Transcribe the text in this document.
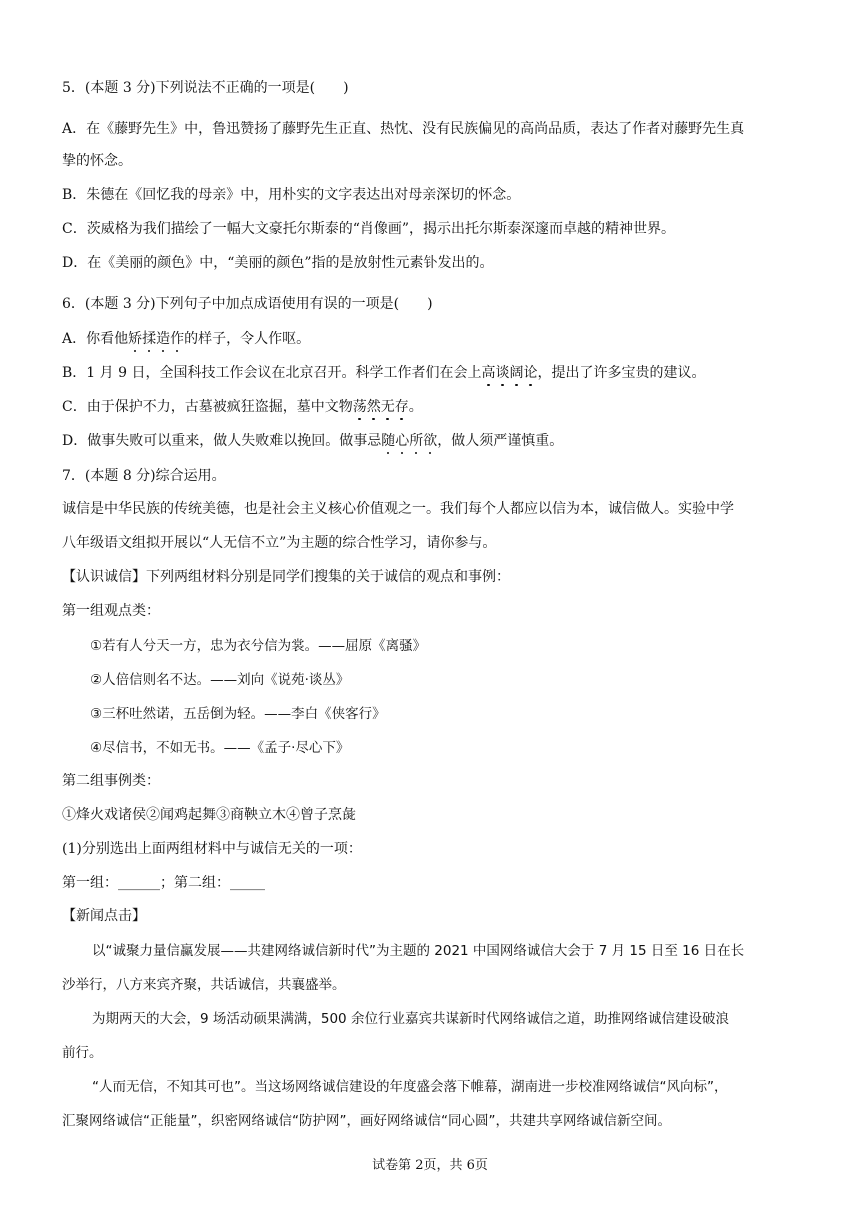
5．(本题 3 分)下列说法不正确的一项是(　　)
A．在《藤野先生》中，鲁迅赞扬了藤野先生正直、热忱、没有民族偏见的高尚品质，表达了作者对藤野先生真
挚的怀念。
B．朱德在《回忆我的母亲》中，用朴实的文字表达出对母亲深切的怀念。
C．茨威格为我们描绘了一幅大文豪托尔斯泰的“肖像画”，揭示出托尔斯泰深邃而卓越的精神世界。
D．在《美丽的颜色》中，“美丽的颜色”指的是放射性元素钋发出的。
6．(本题 3 分)下列句子中加点成语使用有误的一项是(　　)
A．你看他矫揉造作的样子，令人作呕。
B．1 月 9 日，全国科技工作会议在北京召开。科学工作者们在会上高谈阔论，提出了许多宝贵的建议。
C．由于保护不力，古墓被疯狂盗掘，墓中文物荡然无存。
D．做事失败可以重来，做人失败难以挽回。做事忌随心所欲，做人须严谨慎重。
7．(本题 8 分)综合运用。
诚信是中华民族的传统美德，也是社会主义核心价值观之一。我们每个人都应以信为本，诚信做人。实验中学
八年级语文组拟开展以“人无信不立”为主题的综合性学习，请你参与。
【认识诚信】下列两组材料分别是同学们搜集的关于诚信的观点和事例：
第一组观点类：
①若有人兮天一方，忠为衣兮信为裳。——屈原《离骚》
②人倍信则名不达。——刘向《说苑·谈丛》
③三杯吐然诺，五岳倒为轻。——李白《侠客行》
④尽信书，不如无书。——《孟子·尽心下》
第二组事例类：
①烽火戏诸侯②闻鸡起舞③商鞅立木④曾子烹彘
(1)分别选出上面两组材料中与诚信无关的一项：
第一组：______；第二组：_____
【新闻点击】
以“诚聚力量信赢发展——共建网络诚信新时代”为主题的 2021 中国网络诚信大会于 7 月 15 日至 16 日在长
沙举行，八方来宾齐聚，共话诚信，共襄盛举。
为期两天的大会，9 场活动硕果满满，500 余位行业嘉宾共谋新时代网络诚信之道，助推网络诚信建设破浪
前行。
“人而无信，不知其可也”。当这场网络诚信建设的年度盛会落下帷幕，湖南进一步校准网络诚信“风向标”，
汇聚网络诚信“正能量”，织密网络诚信“防护网”，画好网络诚信“同心圆”，共建共享网络诚信新空间。
试卷第 2页，共 6页
